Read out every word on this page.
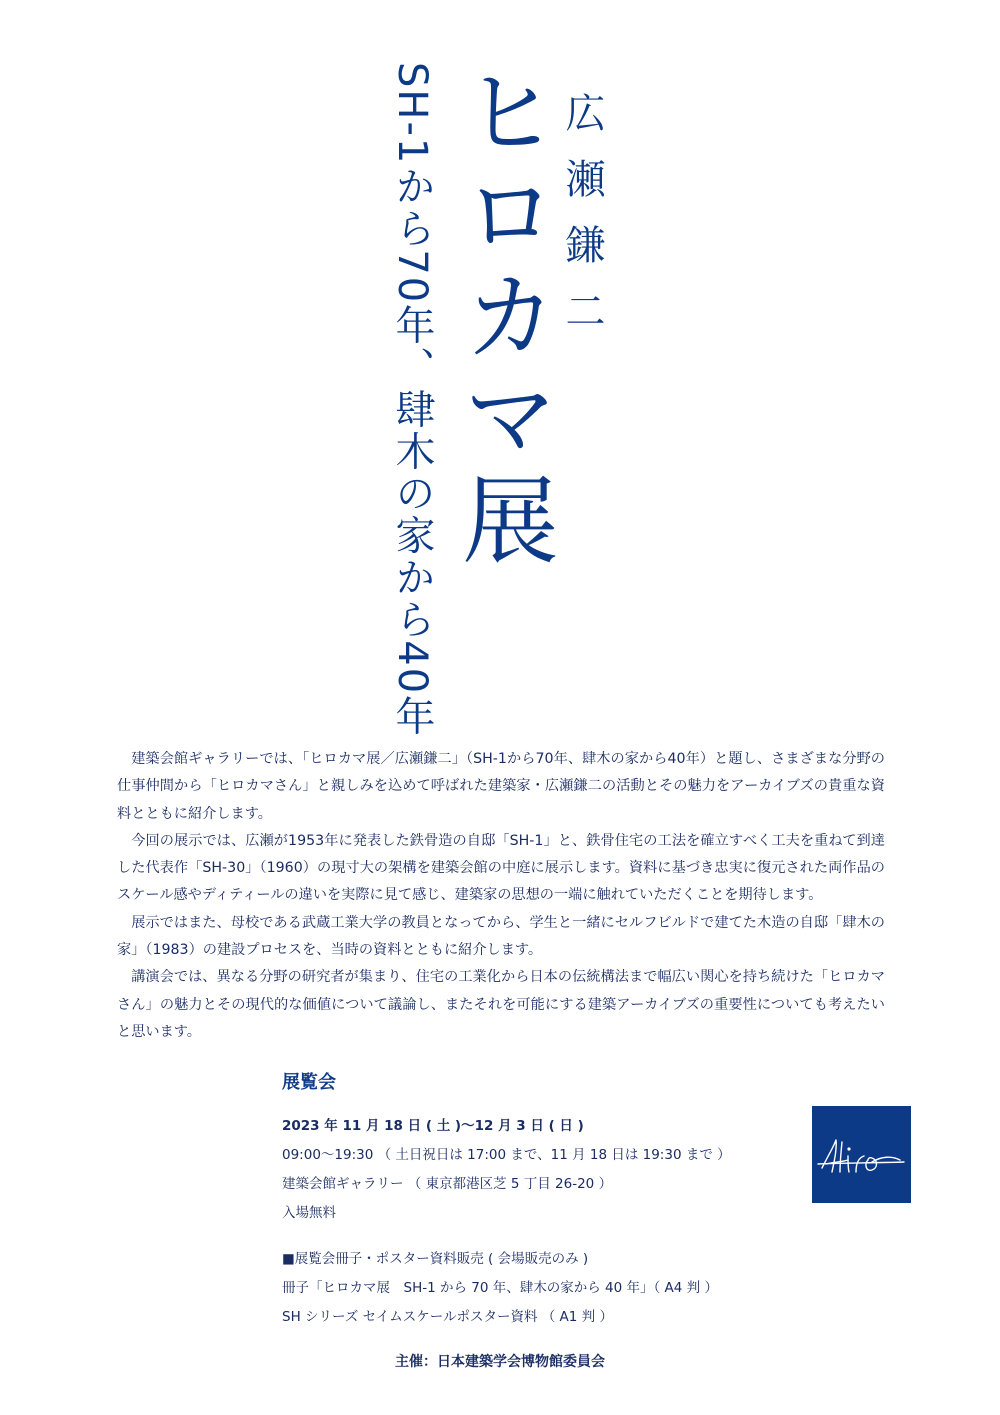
ヒロカマ展 広瀬鎌二
SH-1から70年、肆木の家から40年

建築会館ギャラリーでは、「ヒロカマ展／広瀬鎌二」（SH-1から70年、肆木の家から40年）と題し、さまざまな分野の仕事仲間から「ヒロカマさん」と親しみを込めて呼ばれた建築家・広瀬鎌二の活動とその魅力をアーカイブズの貴重な資料とともに紹介します。

今回の展示では、広瀬が1953年に発表した鉄骨造の自邸「SH-1」と、鉄骨住宅の工法を確立すべく工夫を重ねて到達した代表作「SH-30」（1960）の現寸大の架構を建築会館の中庭に展示します。資料に基づき忠実に復元された両作品のスケール感やディティールの違いを実際に見て感じ、建築家の思想の一端に触れていただくことを期待します。

展示ではまた、母校である武蔵工業大学の教員となってから、学生と一緒にセルフビルドで建てた木造の自邸「肆木の家」（1983）の建設プロセスを、当時の資料とともに紹介します。

講演会では、異なる分野の研究者が集まり、住宅の工業化から日本の伝統構法まで幅広い関心を持ち続けた「ヒロカマさん」の魅力とその現代的な価値について議論し、またそれを可能にする建築アーカイブズの重要性についても考えたいと思います。

展覧会
2023 年 11 月 18 日 ( 土 )～12 月 3 日 ( 日 )
09:00～19:30 （ 土日祝日は 17:00 まで、11 月 18 日は 19:30 まで ）
建築会館ギャラリー （ 東京都港区芝 5 丁目 26-20 ）
入場無料
■展覧会冊子・ポスター資料販売 ( 会場販売のみ )
冊子「ヒロカマ展　SH-1 から 70 年、肆木の家から 40 年」（ A4 判 ）
SH シリーズ セイムスケールポスター資料 （ A1 判 ）
主催：日本建築学会博物館委員会
